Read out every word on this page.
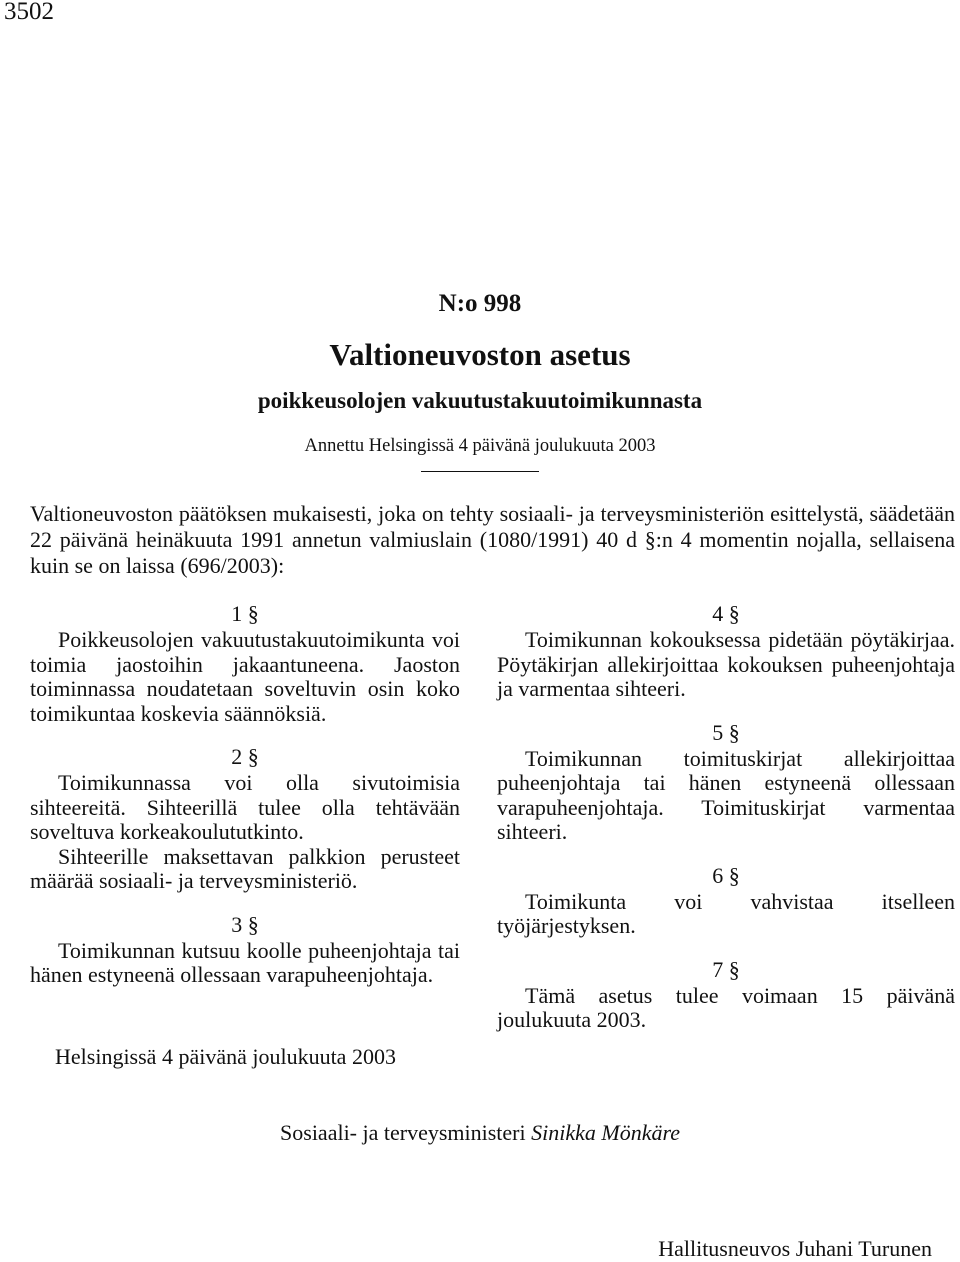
3502
N:o 998
Valtioneuvoston asetus
poikkeusolojen vakuutustakuutoimikunnasta
Annettu Helsingissä 4 päivänä joulukuuta 2003

Valtioneuvoston päätöksen mukaisesti, joka on tehty sosiaali- ja terveysministeriön esittelystä, säädetään 22 päivänä heinäkuuta 1991 annetun valmiuslain (1080/1991) 40 d §:n 4 momentin nojalla, sellaisena kuin se on laissa (696/2003):

1 §

Poikkeusolojen vakuutustakuutoimikunta voi toimia jaostoihin jakaantuneena. Jaoston toiminnassa noudatetaan soveltuvin osin koko toimikuntaa koskevia säännöksiä.

2 §

Toimikunnassa voi olla sivutoimisia sihteereitä. Sihteerillä tulee olla tehtävään soveltuva korkeakoulututkinto.

Sihteerille maksettavan palkkion perusteet määrää sosiaali- ja terveysministeriö.

3 §

Toimikunnan kutsuu koolle puheenjohtaja tai hänen estyneenä ollessaan varapuheenjohtaja.

4 §

Toimikunnan kokouksessa pidetään pöytäkirjaa. Pöytäkirjan allekirjoittaa kokouksen puheenjohtaja ja varmentaa sihteeri.

5 §

Toimikunnan toimituskirjat allekirjoittaa puheenjohtaja tai hänen estyneenä ollessaan varapuheenjohtaja. Toimituskirjat varmentaa sihteeri.

6 §

Toimikunta voi vahvistaa itselleen työjärjestyksen.

7 §

Tämä asetus tulee voimaan 15 päivänä joulukuuta 2003.

Helsingissä 4 päivänä joulukuuta 2003
Sosiaali- ja terveysministeri Sinikka Mönkäre
Hallitusneuvos Juhani Turunen
